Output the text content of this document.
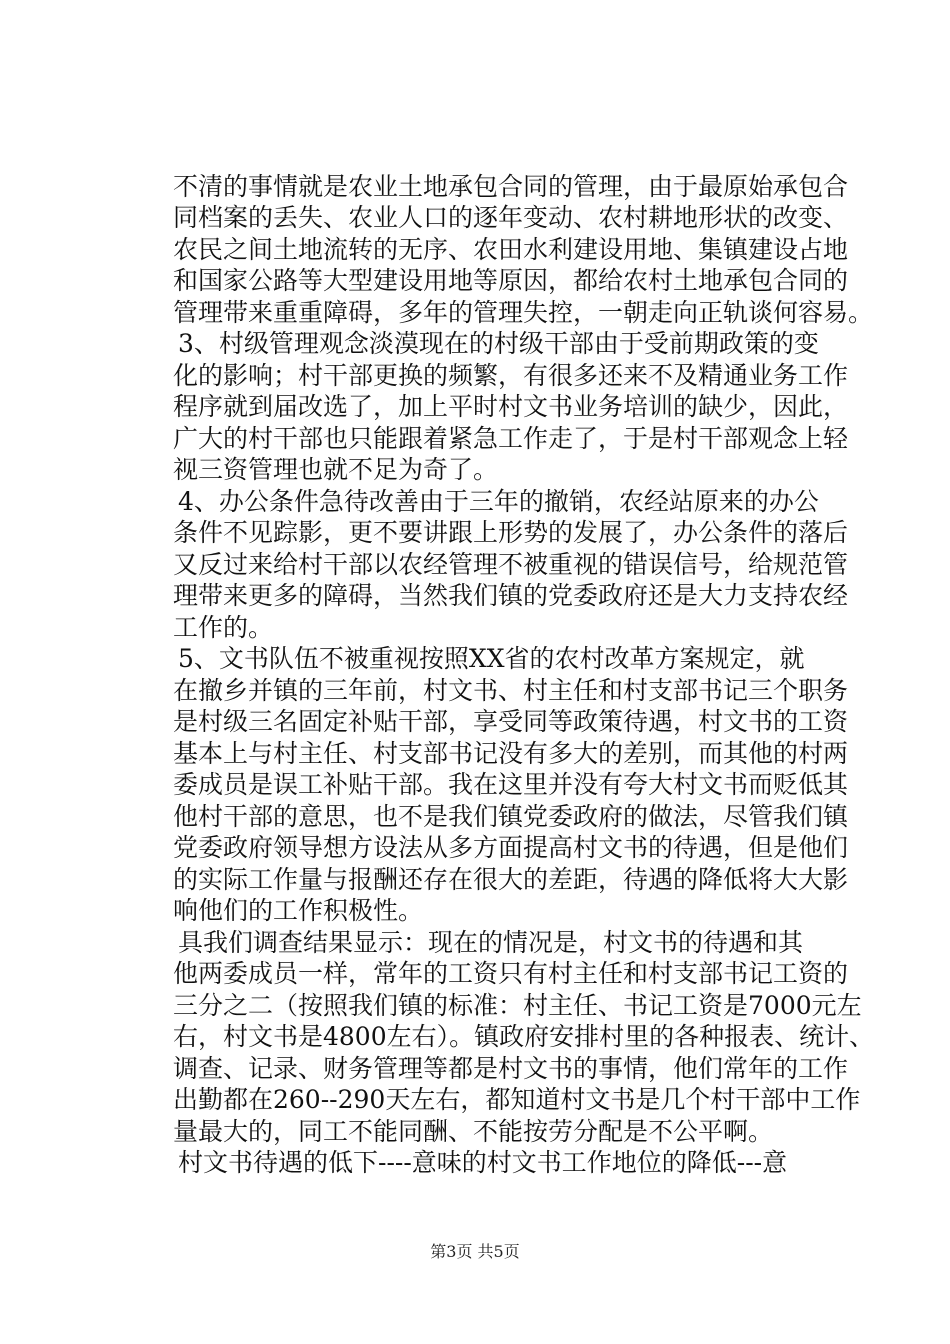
不清的事情就是农业土地承包合同的管理，由于最原始承包合
同档案的丢失、农业人口的逐年变动、农村耕地形状的改变、
农民之间土地流转的无序、农田水利建设用地、集镇建设占地
和国家公路等大型建设用地等原因，都给农村土地承包合同的
管理带来重重障碍，多年的管理失控，一朝走向正轨谈何容易。
3、村级管理观念淡漠现在的村级干部由于受前期政策的变
化的影响；村干部更换的频繁，有很多还来不及精通业务工作
程序就到届改选了，加上平时村文书业务培训的缺少，因此，
广大的村干部也只能跟着紧急工作走了，于是村干部观念上轻
视三资管理也就不足为奇了。
4、办公条件急待改善由于三年的撤销，农经站原来的办公
条件不见踪影，更不要讲跟上形势的发展了，办公条件的落后
又反过来给村干部以农经管理不被重视的错误信号，给规范管
理带来更多的障碍，当然我们镇的党委政府还是大力支持农经
工作的。
5、文书队伍不被重视按照XX省的农村改革方案规定，就
在撤乡并镇的三年前，村文书、村主任和村支部书记三个职务
是村级三名固定补贴干部，享受同等政策待遇，村文书的工资
基本上与村主任、村支部书记没有多大的差别，而其他的村两
委成员是误工补贴干部。我在这里并没有夸大村文书而贬低其
他村干部的意思，也不是我们镇党委政府的做法，尽管我们镇
党委政府领导想方设法从多方面提高村文书的待遇，但是他们
的实际工作量与报酬还存在很大的差距，待遇的降低将大大影
响他们的工作积极性。
具我们调查结果显示：现在的情况是，村文书的待遇和其
他两委成员一样，常年的工资只有村主任和村支部书记工资的
三分之二（按照我们镇的标准：村主任、书记工资是7000元左
右，村文书是4800左右）。镇政府安排村里的各种报表、统计、
调查、记录、财务管理等都是村文书的事情，他们常年的工作
出勤都在260--290天左右，都知道村文书是几个村干部中工作
量最大的，同工不能同酬、不能按劳分配是不公平啊。
村文书待遇的低下----意味的村文书工作地位的降低---意
第3页 共5页
